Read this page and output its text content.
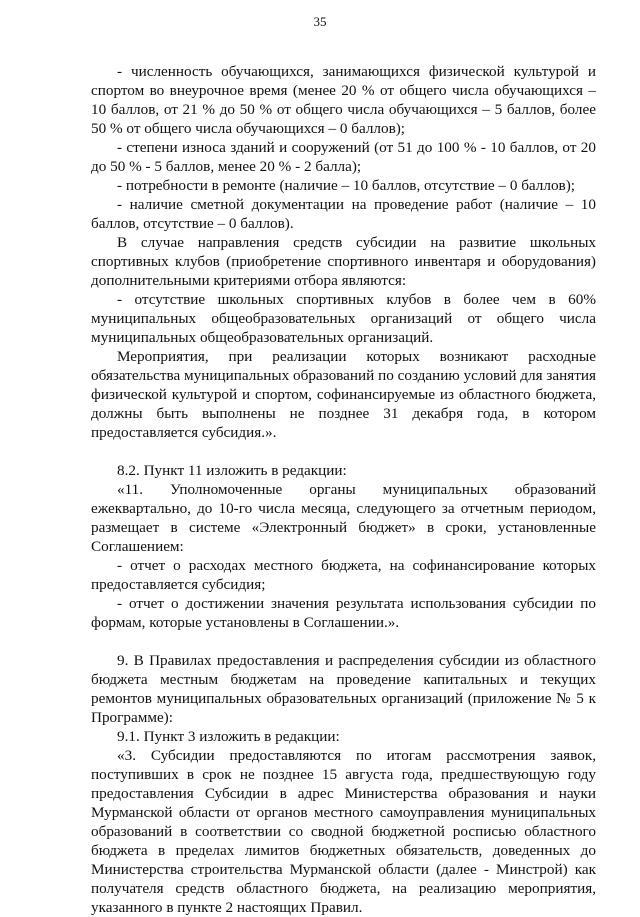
35

- численность обучающихся, занимающихся физической культурой и спортом во внеурочное время (менее 20 % от общего числа обучающихся – 10 баллов, от 21 % до 50 % от общего числа обучающихся – 5 баллов, более 50 % от общего числа обучающихся – 0 баллов);

- степени износа зданий и сооружений (от 51 до 100 % - 10 баллов, от 20 до 50 % - 5 баллов, менее 20 % - 2 балла);

- потребности в ремонте (наличие – 10 баллов, отсутствие – 0 баллов);

- наличие сметной документации на проведение работ (наличие – 10 баллов, отсутствие – 0 баллов).

В случае направления средств субсидии на развитие школьных спортивных клубов (приобретение спортивного инвентаря и оборудования) дополнительными критериями отбора являются:

- отсутствие школьных спортивных клубов в более чем в 60% муниципальных общеобразовательных организаций от общего числа муниципальных общеобразовательных организаций.

Мероприятия, при реализации которых возникают расходные обязательства муниципальных образований по созданию условий для занятия физической культурой и спортом, софинансируемые из областного бюджета, должны быть выполнены не позднее 31 декабря года, в котором предоставляется субсидия.».

8.2. Пункт 11 изложить в редакции:

«11. Уполномоченные органы муниципальных образований ежеквартально, до 10-го числа месяца, следующего за отчетным периодом, размещает в системе «Электронный бюджет» в сроки, установленные Соглашением:

- отчет о расходах местного бюджета, на софинансирование которых предоставляется субсидия;

- отчет о достижении значения результата использования субсидии по формам, которые установлены в Соглашении.».

9. В Правилах предоставления и распределения субсидии из областного бюджета местным бюджетам на проведение капитальных и текущих ремонтов муниципальных образовательных организаций (приложение № 5 к Программе):

9.1. Пункт 3 изложить в редакции:

«3. Субсидии предоставляются по итогам рассмотрения заявок, поступивших в срок не позднее 15 августа года, предшествующую году предоставления Субсидии в адрес Министерства образования и науки Мурманской области от органов местного самоуправления муниципальных образований в соответствии со сводной бюджетной росписью областного бюджета в пределах лимитов бюджетных обязательств, доведенных до Министерства строительства Мурманской области (далее - Минстрой) как получателя средств областного бюджета, на реализацию мероприятия, указанного в пункте 2 настоящих Правил.
